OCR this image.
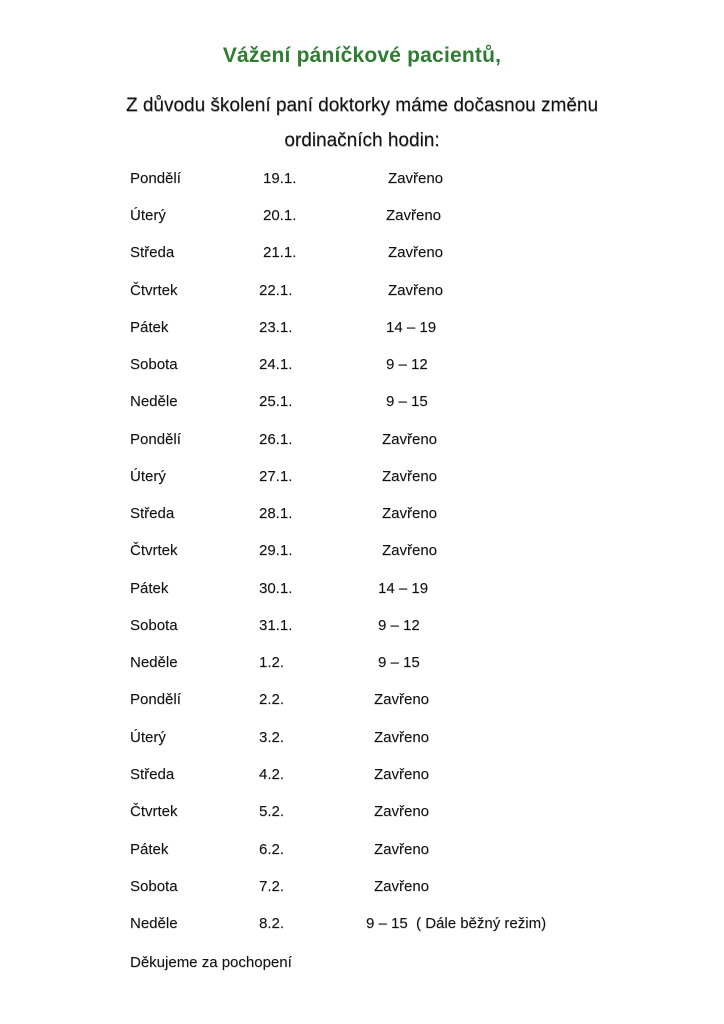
Vážení páníčkové pacientů,
Z důvodu školení paní doktorky máme dočasnou změnu
ordinačních hodin:
Pondělí	19.1.	Zavřeno
Úterý	20.1.	Zavřeno
Středa	21.1.	Zavřeno
Čtvrtek	22.1.	Zavřeno
Pátek	23.1.	14 – 19
Sobota	24.1.	9 – 12
Neděle	25.1.	9 – 15
Pondělí	26.1.	Zavřeno
Úterý	27.1.	Zavřeno
Středa	28.1.	Zavřeno
Čtvrtek	29.1.	Zavřeno
Pátek	30.1.	14 – 19
Sobota	31.1.	9 – 12
Neděle	1.2.	9 – 15
Pondělí	2.2.	Zavřeno
Úterý	3.2.	Zavřeno
Středa	4.2.	Zavřeno
Čtvrtek	5.2.	Zavřeno
Pátek	6.2.	Zavřeno
Sobota	7.2.	Zavřeno
Neděle	8.2.	9 – 15  ( Dále běžný režim)
Děkujeme za pochopení
